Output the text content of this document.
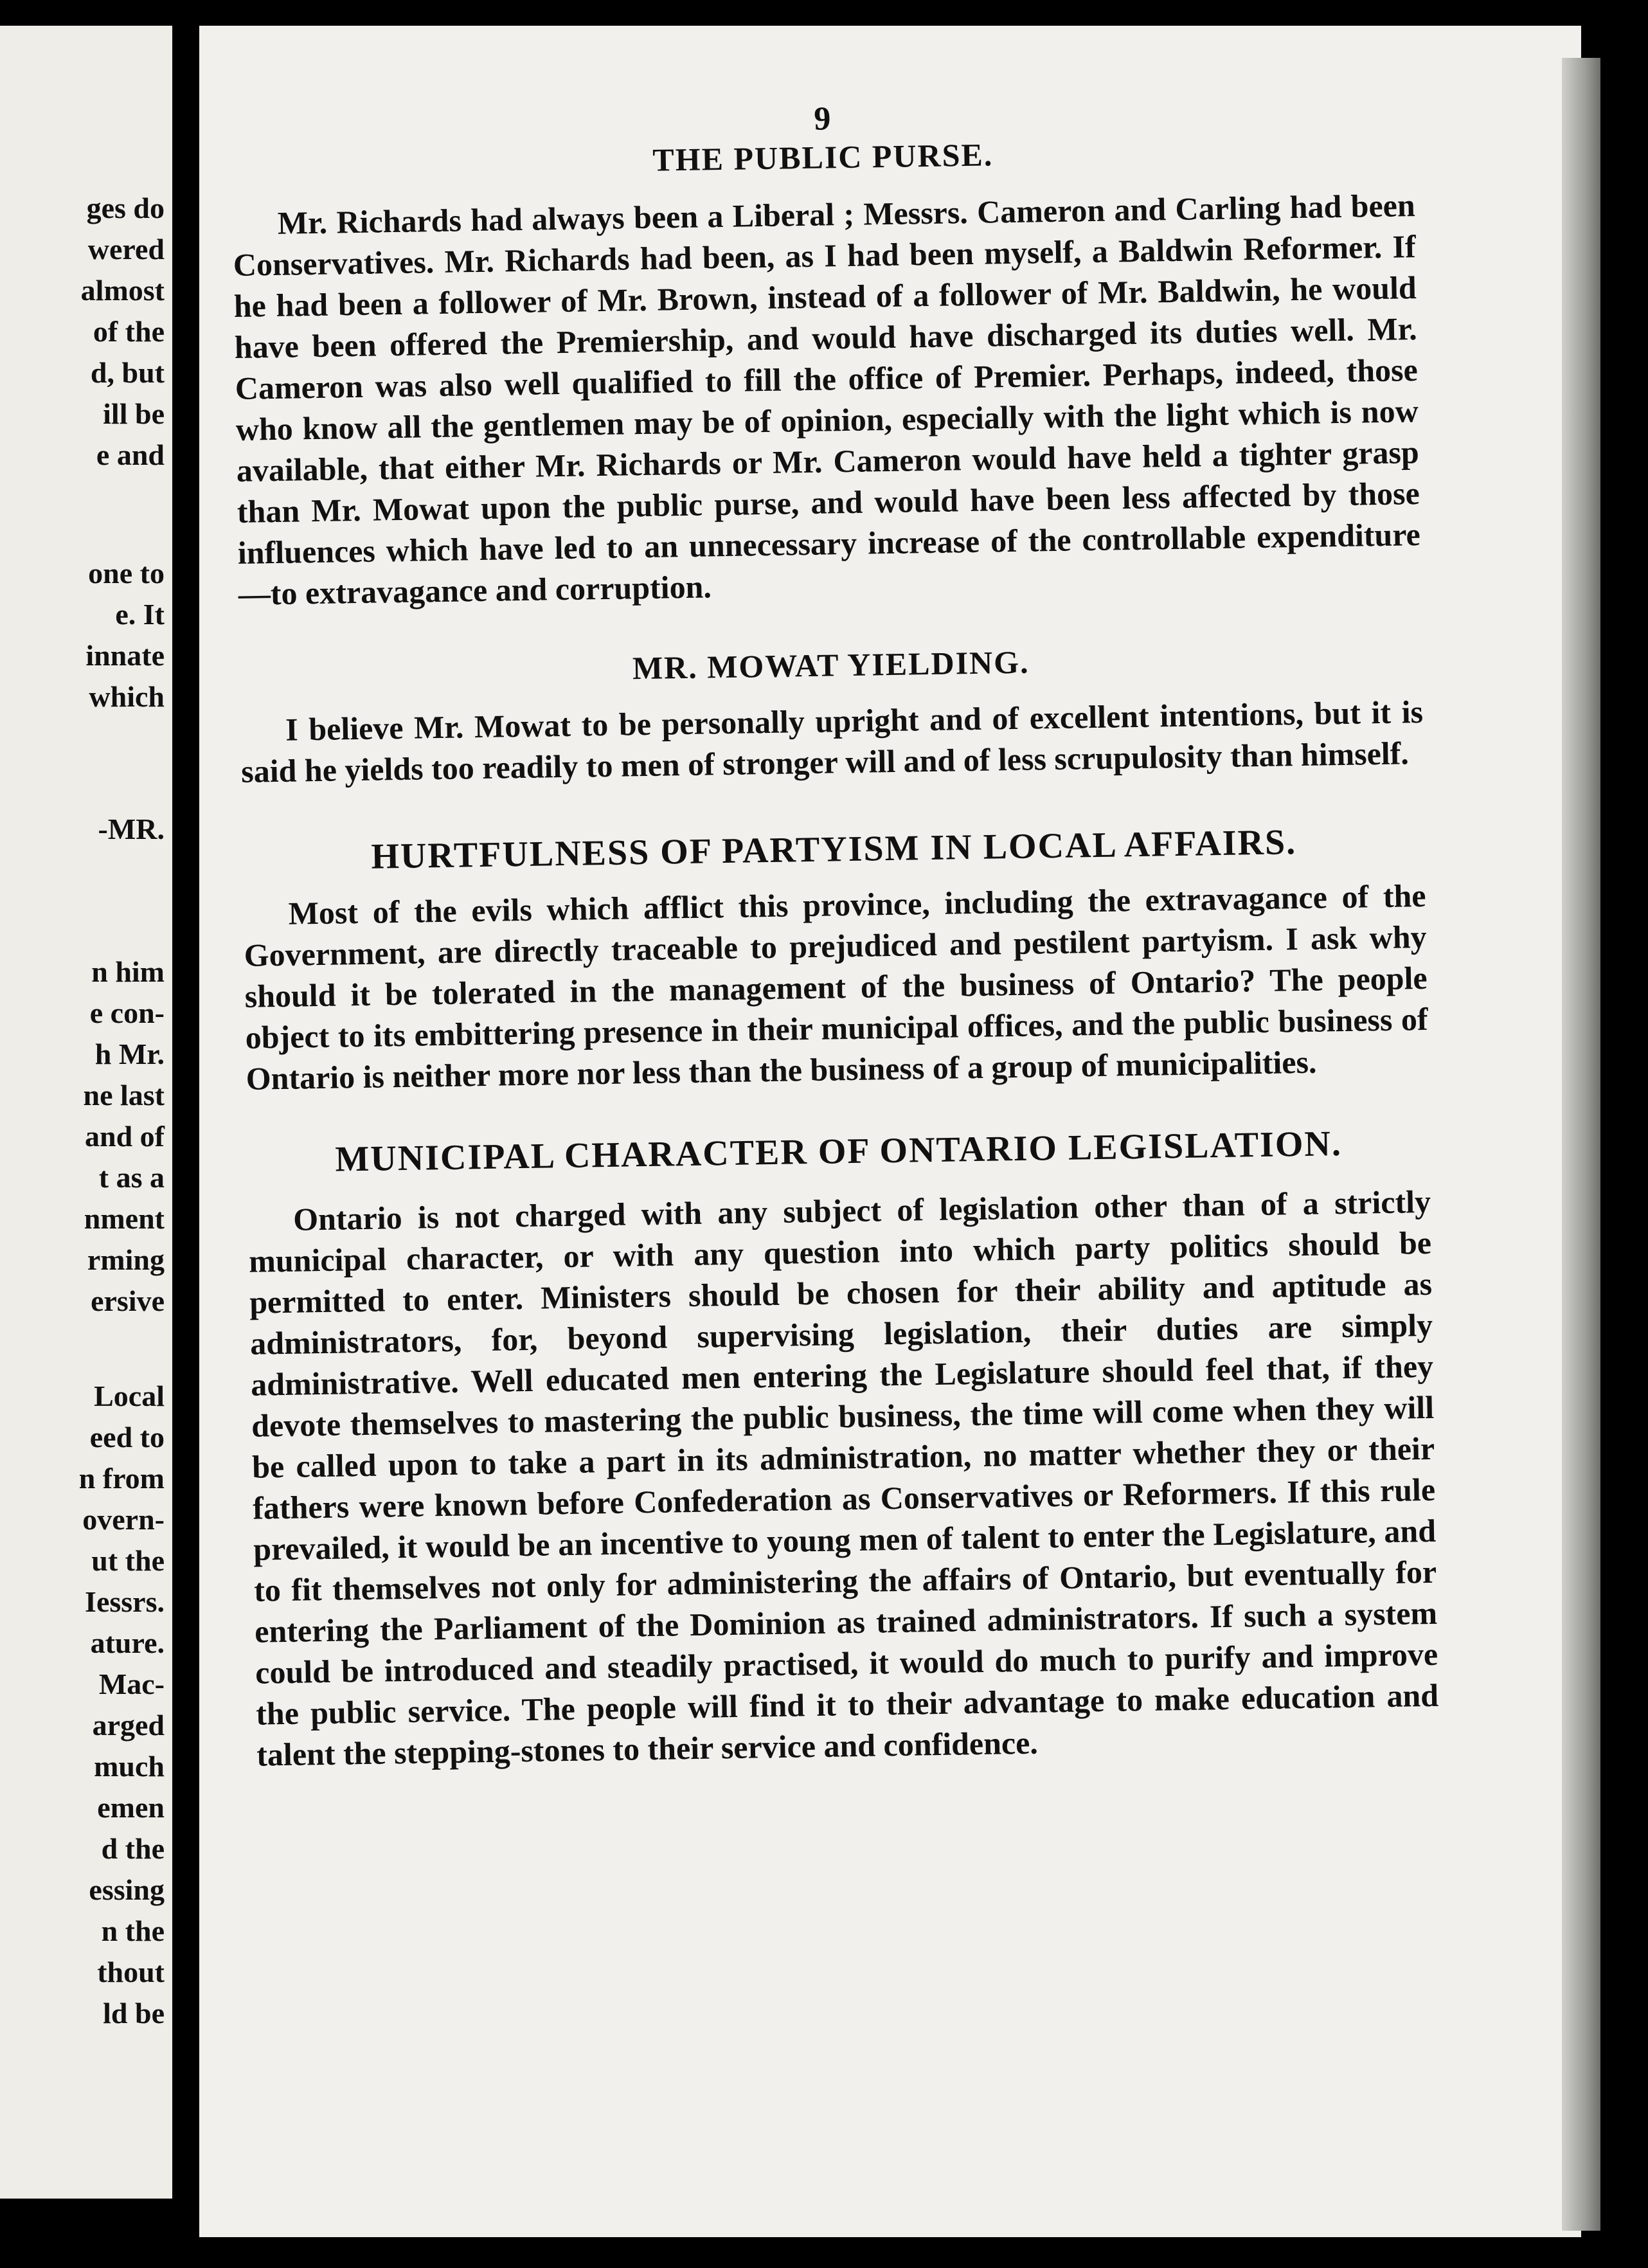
ges do
wered
almost
of the
d, but
ill be
e and
one to
e. It
innate
which
-MR.
n him
e con-
h Mr.
ne last
and of
t as a
nment
rming
ersive
Local
eed to
n from
overn-
ut the
Iessrs.
ature.
Mac-
arged
much
emen
d the
essing
n the
thout
ld be
9
THE PUBLIC PURSE.

Mr. Richards had always been a Liberal ; Messrs. Cameron and Carling had been Conservatives. Mr. Richards had been, as I had been myself, a Baldwin Reformer. If he had been a follower of Mr. Brown, instead of a follower of Mr. Baldwin, he would have been offered the Premiership, and would have discharged its duties well. Mr. Cameron was also well qualified to fill the office of Premier. Perhaps, indeed, those who know all the gentlemen may be of opinion, especially with the light which is now available, that either Mr. Richards or Mr. Cameron would have held a tighter grasp than Mr. Mowat upon the public purse, and would have been less affected by those influences which have led to an unnecessary increase of the controllable expenditure—to extravagance and corruption.

MR. MOWAT YIELDING.

I believe Mr. Mowat to be personally upright and of excellent intentions, but it is said he yields too readily to men of stronger will and of less scrupulosity than himself.

HURTFULNESS OF PARTYISM IN LOCAL AFFAIRS.

Most of the evils which afflict this province, including the extravagance of the Government, are directly traceable to prejudiced and pestilent partyism. I ask why should it be tolerated in the management of the business of Ontario? The people object to its embittering presence in their municipal offices, and the public business of Ontario is neither more nor less than the business of a group of municipalities.

MUNICIPAL CHARACTER OF ONTARIO LEGISLATION.

Ontario is not charged with any subject of legislation other than of a strictly municipal character, or with any question into which party politics should be permitted to enter. Ministers should be chosen for their ability and aptitude as administrators, for, beyond supervising legislation, their duties are simply administrative. Well educated men entering the Legislature should feel that, if they devote themselves to mastering the public business, the time will come when they will be called upon to take a part in its administration, no matter whether they or their fathers were known before Confederation as Conservatives or Reformers. If this rule prevailed, it would be an incentive to young men of talent to enter the Legislature, and to fit themselves not only for administering the affairs of Ontario, but eventually for entering the Parliament of the Dominion as trained administrators. If such a system could be introduced and steadily practised, it would do much to purify and improve the public service. The people will find it to their advantage to make education and talent the stepping-stones to their service and confidence.
